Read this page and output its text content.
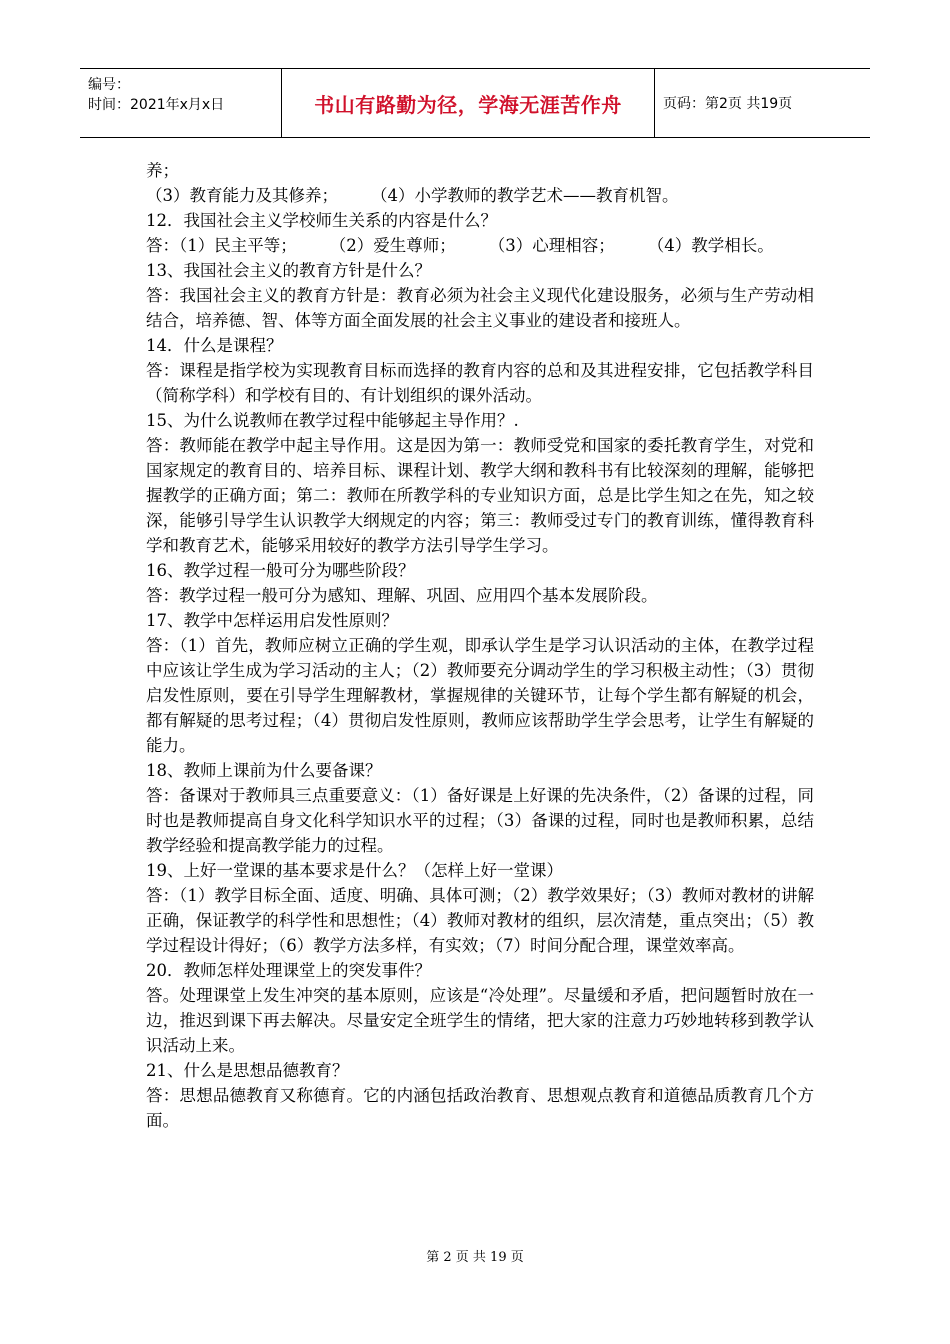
编号：
时间：2021年x月x日	书山有路勤为径，学海无涯苦作舟	页码：第2页 共19页

养；

（3）教育能力及其修养；　　　（4）小学教师的教学艺术——教育机智。

12．我国社会主义学校师生关系的内容是什么？

答：（1）民主平等；　　　（2）爱生尊师；　　　（3）心理相容；　　　（4）教学相长。

13、我国社会主义的教育方针是什么？

答：我国社会主义的教育方针是：教育必须为社会主义现代化建设服务，必须与生产劳动相结合，培养德、智、体等方面全面发展的社会主义事业的建设者和接班人。

14．什么是课程？

答：课程是指学校为实现教育目标而选择的教育内容的总和及其进程安排，它包括教学科目（简称学科）和学校有目的、有计划组织的课外活动。

15、为什么说教师在教学过程中能够起主导作用？.

答：教师能在教学中起主导作用。这是因为第一：教师受党和国家的委托教育学生，对党和国家规定的教育目的、培养目标、课程计划、教学大纲和教科书有比较深刻的理解，能够把握教学的正确方面；第二：教师在所教学科的专业知识方面，总是比学生知之在先，知之较深，能够引导学生认识教学大纲规定的内容；第三：教师受过专门的教育训练，懂得教育科学和教育艺术，能够采用较好的教学方法引导学生学习。

16、教学过程一般可分为哪些阶段？

答：教学过程一般可分为感知、理解、巩固、应用四个基本发展阶段。

17、教学中怎样运用启发性原则？

答：（1）首先，教师应树立正确的学生观，即承认学生是学习认识活动的主体，在教学过程中应该让学生成为学习活动的主人；（2）教师要充分调动学生的学习积极主动性；（3）贯彻启发性原则，要在引导学生理解教材，掌握规律的关键环节，让每个学生都有解疑的机会，都有解疑的思考过程；（4）贯彻启发性原则，教师应该帮助学生学会思考，让学生有解疑的能力。

18、教师上课前为什么要备课？

答：备课对于教师具三点重要意义：（1）备好课是上好课的先决条件，（2）备课的过程，同时也是教师提高自身文化科学知识水平的过程；（3）备课的过程，同时也是教师积累，总结教学经验和提高教学能力的过程。

19、上好一堂课的基本要求是什么？（怎样上好一堂课）

答：（1）教学目标全面、适度、明确、具体可测；（2）教学效果好；（3）教师对教材的讲解正确，保证教学的科学性和思想性；（4）教师对教材的组织，层次清楚，重点突出；（5）教学过程设计得好；（6）教学方法多样，有实效；（7）时间分配合理，课堂效率高。

20．教师怎样处理课堂上的突发事件？

答。处理课堂上发生冲突的基本原则，应该是“冷处理”。尽量缓和矛盾，把问题暂时放在一边，推迟到课下再去解决。尽量安定全班学生的情绪，把大家的注意力巧妙地转移到教学认识活动上来。

21、什么是思想品德教育？

答：思想品德教育又称德育。它的内涵包括政治教育、思想观点教育和道德品质教育几个方面。

第 2 页 共 19 页
